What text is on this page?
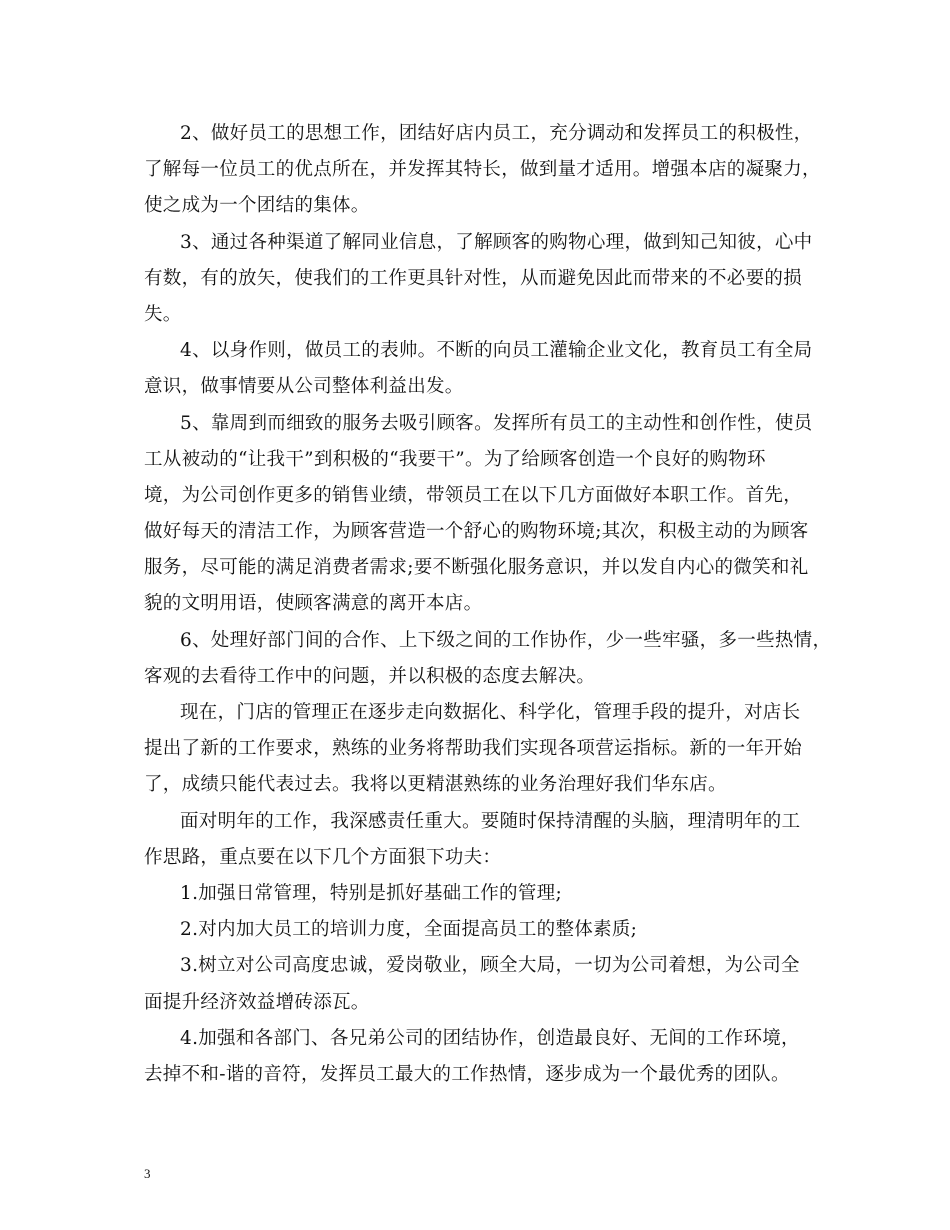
2、做好员工的思想工作，团结好店内员工，充分调动和发挥员工的积极性，
了解每一位员工的优点所在，并发挥其特长，做到量才适用。增强本店的凝聚力，
使之成为一个团结的集体。
3、通过各种渠道了解同业信息，了解顾客的购物心理，做到知己知彼，心中
有数，有的放矢，使我们的工作更具针对性，从而避免因此而带来的不必要的损
失。
4、以身作则，做员工的表帅。不断的向员工灌输企业文化，教育员工有全局
意识，做事情要从公司整体利益出发。
5、靠周到而细致的服务去吸引顾客。发挥所有员工的主动性和创作性，使员
工从被动的“让我干”到积极的“我要干”。为了给顾客创造一个良好的购物环
境，为公司创作更多的销售业绩，带领员工在以下几方面做好本职工作。首先，
做好每天的清洁工作，为顾客营造一个舒心的购物环境;其次，积极主动的为顾客
服务，尽可能的满足消费者需求;要不断强化服务意识，并以发自内心的微笑和礼
貌的文明用语，使顾客满意的离开本店。
6、处理好部门间的合作、上下级之间的工作协作，少一些牢骚，多一些热情，
客观的去看待工作中的问题，并以积极的态度去解决。
现在，门店的管理正在逐步走向数据化、科学化，管理手段的提升，对店长
提出了新的工作要求，熟练的业务将帮助我们实现各项营运指标。新的一年开始
了，成绩只能代表过去。我将以更精湛熟练的业务治理好我们华东店。
面对明年的工作，我深感责任重大。要随时保持清醒的头脑，理清明年的工
作思路，重点要在以下几个方面狠下功夫：
1.加强日常管理，特别是抓好基础工作的管理;
2.对内加大员工的培训力度，全面提高员工的整体素质;
3.树立对公司高度忠诚，爱岗敬业，顾全大局，一切为公司着想，为公司全
面提升经济效益增砖添瓦。
4.加强和各部门、各兄弟公司的团结协作，创造最良好、无间的工作环境，
去掉不和-谐的音符，发挥员工最大的工作热情，逐步成为一个最优秀的团队。
3
